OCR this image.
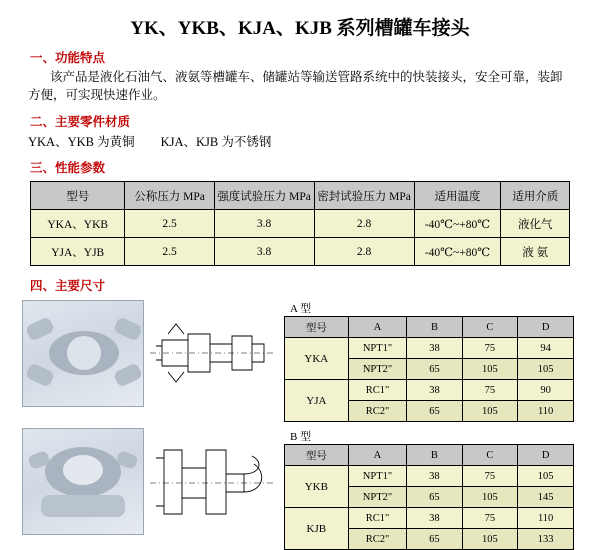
YK、YKB、KJA、KJB 系列槽罐车接头
一、功能特点
该产品是液化石油气、液氨等槽罐车、储罐站等输送管路系统中的快装接头，安全可靠，装卸方便，可实现快速作业。
二、主要零件材质
YKA、YKB 为黄铜 KJA、KJB 为不锈钢
三、性能参数
型号	公称压力 MPa	强度试验压力 MPa	密封试验压力 MPa	适用温度	适用介质
YKA、YKB	2.5	3.8	2.8	-40℃~+80℃	液化气
YJA、YJB	2.5	3.8	2.8	-40℃~+80℃	液 氨
四、主要尺寸
A 型
型号	A	B	C	D
YKA	NPT1"	38	75	94
	NPT2"	65	105	105
YJA	RC1"	38	75	90
	RC2"	65	105	110
B 型
型号	A	B	C	D
YKB	NPT1"	38	75	105
	NPT2"	65	105	145
KJB	RC1"	38	75	110
	RC2"	65	105	133
